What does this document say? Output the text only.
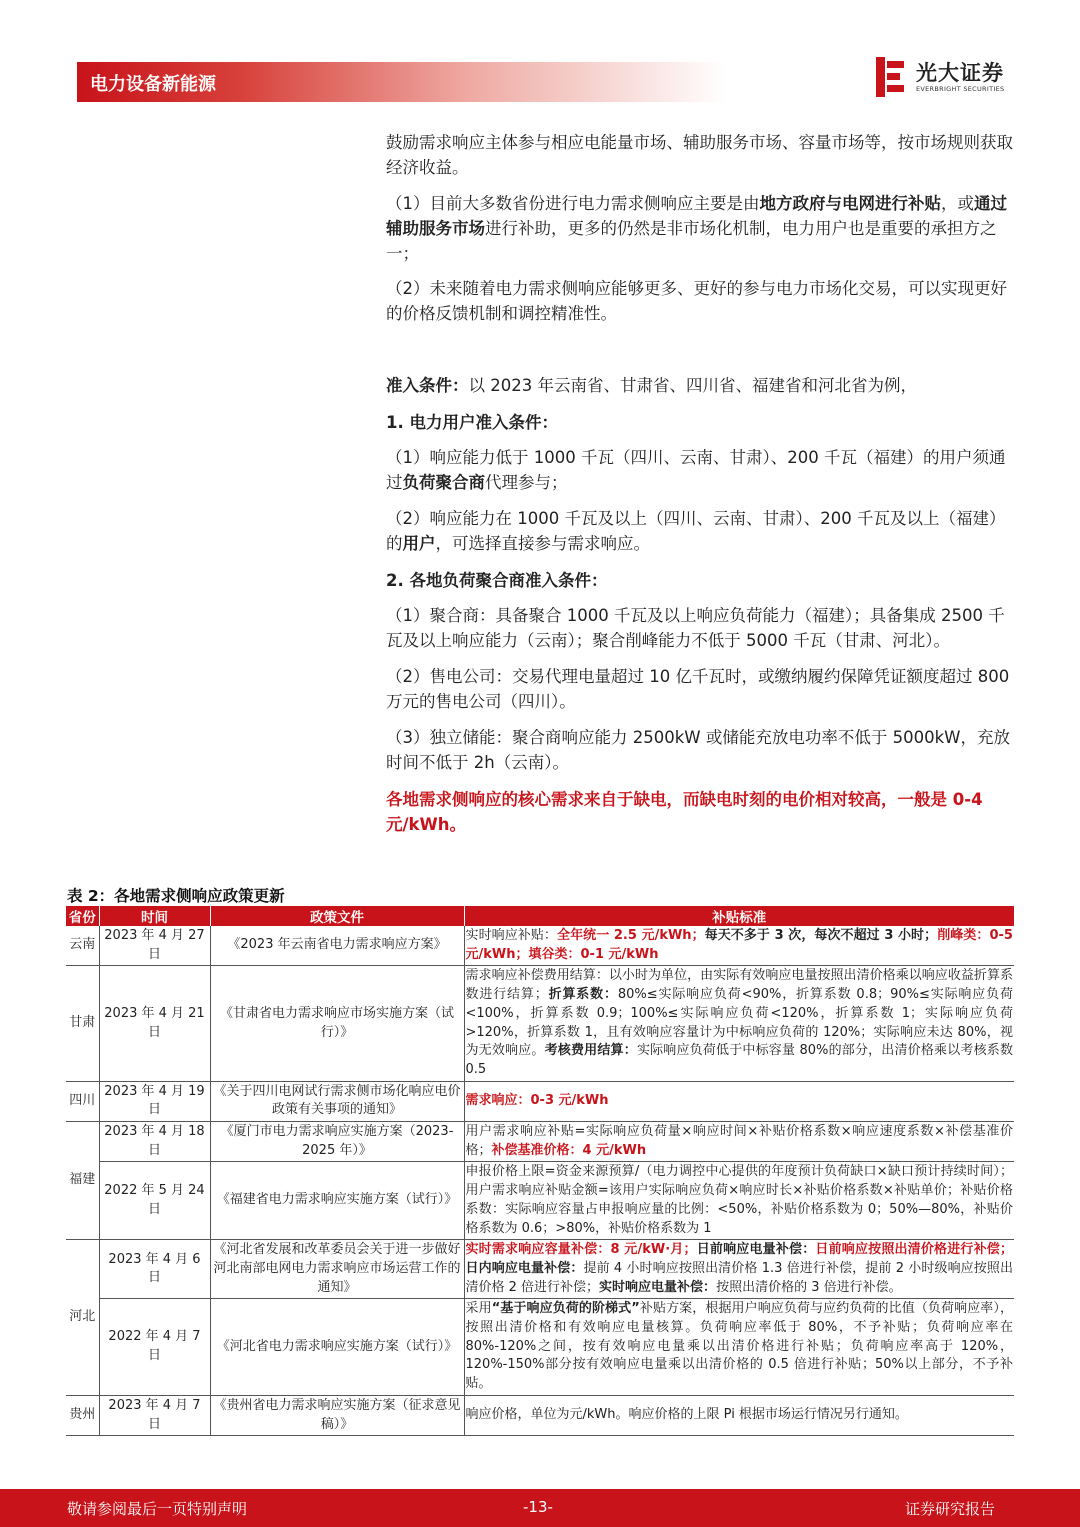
电力设备新能源	光大证券
EVERBRIGHT SECURITIES
鼓励需求响应主体参与相应电能量市场、辅助服务市场、容量市场等，按市场规则获取经济收益。
（1）目前大多数省份进行电力需求侧响应主要是由地方政府与电网进行补贴，或通过辅助服务市场进行补助，更多的仍然是非市场化机制，电力用户也是重要的承担方之一；
（2）未来随着电力需求侧响应能够更多、更好的参与电力市场化交易，可以实现更好的价格反馈机制和调控精准性。
准入条件：以 2023 年云南省、甘肃省、四川省、福建省和河北省为例，
1. 电力用户准入条件：
（1）响应能力低于 1000 千瓦（四川、云南、甘肃）、200 千瓦（福建）的用户须通过负荷聚合商代理参与；
（2）响应能力在 1000 千瓦及以上（四川、云南、甘肃）、200 千瓦及以上（福建）的用户，可选择直接参与需求响应。
2. 各地负荷聚合商准入条件：
（1）聚合商：具备聚合 1000 千瓦及以上响应负荷能力（福建）；具备集成 2500 千瓦及以上响应能力（云南）；聚合削峰能力不低于 5000 千瓦（甘肃、河北）。
（2）售电公司：交易代理电量超过 10 亿千瓦时，或缴纳履约保障凭证额度超过 800 万元的售电公司（四川）。
（3）独立储能：聚合商响应能力 2500kW 或储能充放电功率不低于 5000kW，充放时间不低于 2h（云南）。
各地需求侧响应的核心需求来自于缺电，而缺电时刻的电价相对较高，一般是 0-4 元/kWh。
表 2：各地需求侧响应政策更新
省份	时间	政策文件	补贴标准
云南	2023 年 4 月 27 日	《2023 年云南省电力需求响应方案》	实时响应补贴：全年统一 2.5 元/kWh；每天不多于 3 次，每次不超过 3 小时；削峰类：0-5 元/kWh；填谷类：0-1 元/kWh
甘肃	2023 年 4 月 21 日	《甘肃省电力需求响应市场实施方案（试行）》	需求响应补偿费用结算：以小时为单位，由实际有效响应电量按照出清价格乘以响应收益折算系数进行结算；折算系数：80%≤实际响应负荷<90%，折算系数 0.8；90%≤实际响应负荷<100%，折算系数 0.9；100%≤实际响应负荷<120%，折算系数 1；实际响应负荷>120%，折算系数 1，且有效响应容量计为中标响应负荷的 120%；实际响应未达 80%，视为无效响应。考核费用结算：实际响应负荷低于中标容量 80%的部分，出清价格乘以考核系数 0.5
四川	2023 年 4 月 19 日	《关于四川电网试行需求侧市场化响应电价政策有关事项的通知》	需求响应：0-3 元/kWh
福建	2023 年 4 月 18 日	《厦门市电力需求响应实施方案（2023-2025 年）》	用户需求响应补贴=实际响应负荷量×响应时间×补贴价格系数×响应速度系数×补偿基准价格；补偿基准价格：4 元/kWh
	2022 年 5 月 24 日	《福建省电力需求响应实施方案（试行）》	申报价格上限=资金来源预算/（电力调控中心提供的年度预计负荷缺口×缺口预计持续时间）；用户需求响应补贴金额=该用户实际响应负荷×响应时长×补贴价格系数×补贴单价；补贴价格系数：实际响应容量占申报响应量的比例：<50%，补贴价格系数为 0；50%—80%，补贴价格系数为 0.6；>80%，补贴价格系数为 1
河北	2023 年 4 月 6 日	《河北省发展和改革委员会关于进一步做好河北南部电网电力需求响应市场运营工作的通知》	实时需求响应容量补偿：8 元/kW·月；日前响应电量补偿：日前响应按照出清价格进行补偿；日内响应电量补偿：提前 4 小时响应按照出清价格 1.3 倍进行补偿，提前 2 小时级响应按照出清价格 2 倍进行补偿；实时响应电量补偿：按照出清价格的 3 倍进行补偿。
	2022 年 4 月 7 日	《河北省电力需求响应实施方案（试行）》	采用“基于响应负荷的阶梯式”补贴方案，根据用户响应负荷与应约负荷的比值（负荷响应率），按照出清价格和有效响应电量核算。负荷响应率低于 80%，不予补贴；负荷响应率在 80%-120%之间，按有效响应电量乘以出清价格进行补贴；负荷响应率高于 120%，120%-150%部分按有效响应电量乘以出清价格的 0.5 倍进行补贴；50%以上部分，不予补贴。
贵州	2023 年 4 月 7 日	《贵州省电力需求响应实施方案（征求意见稿）》	响应价格，单位为元/kWh。响应价格的上限 Pi 根据市场运行情况另行通知。
敬请参阅最后一页特别声明	-13-	证券研究报告
